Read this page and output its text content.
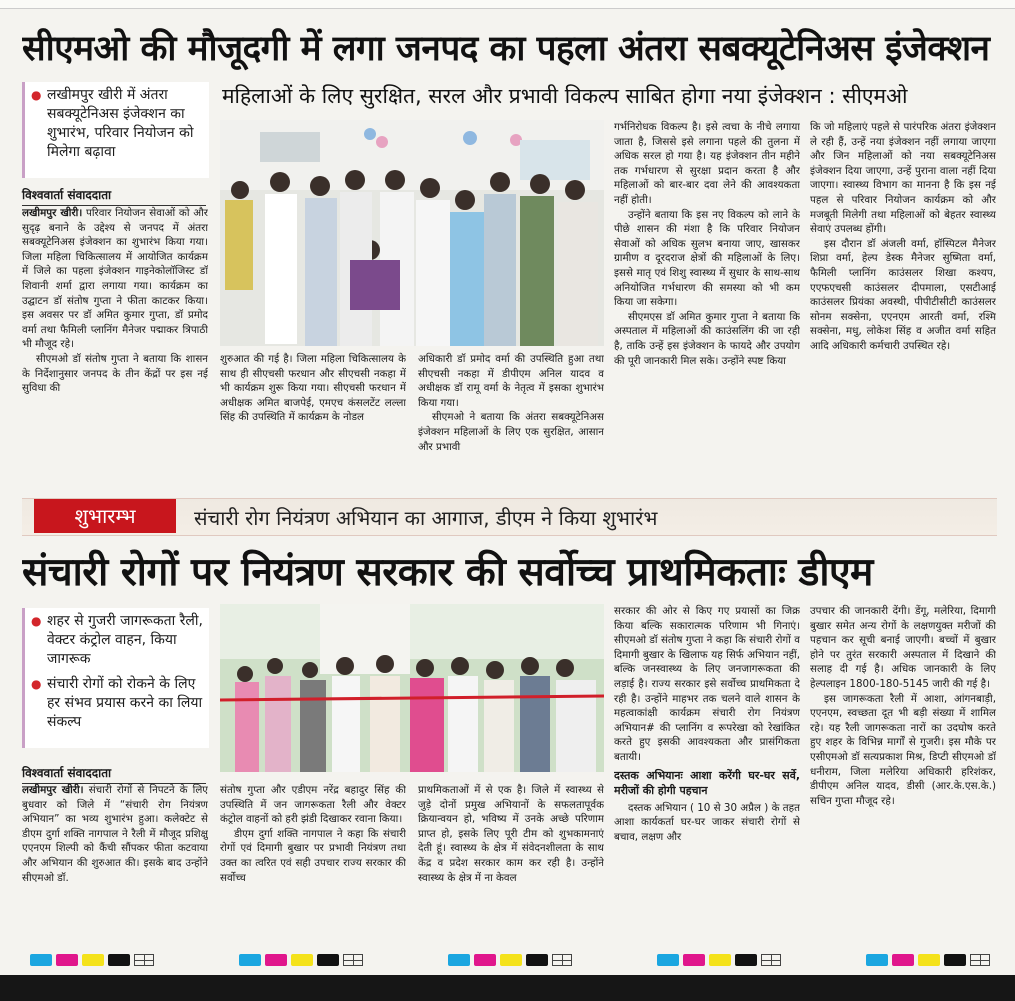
सीएमओ की मौजूदगी में लगा जनपद का पहला अंतरा सबक्यूटेनिअस इंजेक्शन
महिलाओं के लिए सुरक्षित, सरल और प्रभावी विकल्प साबित होगा नया इंजेक्शन : सीएमओ
● लखीमपुर खीरी में अंतरा सबक्यूटेनिअस इंजेक्शन का शुभारंभ, परिवार नियोजन को मिलेगा बढ़ावा
विश्ववार्ता संवाददाता
लखीमपुर खीरी। परिवार नियोजन सेवाओं को और सुदृढ़ बनाने के उद्देश्य से जनपद में अंतरा सबक्यूटेनिअस इंजेक्शन का शुभारंभ किया गया। जिला महिला चिकित्सालय में आयोजित कार्यक्रम में जिले का पहला इंजेक्शन गाइनेकोलॉजिस्ट डॉ शिवानी शर्मा द्वारा लगाया गया। कार्यक्रम का उद्घाटन डॉ संतोष गुप्ता ने फीता काटकर किया। इस अवसर पर डॉ अमित कुमार गुप्ता, डॉ प्रमोद वर्मा तथा फैमिली प्लानिंग मैनेजर पद्माकर त्रिपाठी भी मौजूद रहे।
सीएमओ डॉ संतोष गुप्ता ने बताया कि शासन के निर्देशानुसार जनपद के तीन केंद्रों पर इस नई सुविधा की
शुरुआत की गई है। जिला महिला चिकित्सालय के साथ ही सीएचसी फरधान और सीएचसी नकहा में भी कार्यक्रम शुरू किया गया। सीएचसी फरधान में अधीक्षक अमित बाजपेई, एमएच कंसलटेंट लल्ला सिंह की उपस्थिति में कार्यक्रम के नोडल
अधिकारी डॉ प्रमोद वर्मा की उपस्थिति हुआ तथा सीएचसी नकहा में डीपीएम अनिल यादव व अधीक्षक डॉ रामू वर्मा के नेतृत्व में इसका शुभारंभ किया गया।
सीएमओ ने बताया कि अंतरा सबक्यूटेनिअस इंजेक्शन महिलाओं के लिए एक सुरक्षित, आसान और प्रभावी
गर्भनिरोधक विकल्प है। इसे त्वचा के नीचे लगाया जाता है, जिससे इसे लगाना पहले की तुलना में अधिक सरल हो गया है। यह इंजेक्शन तीन महीने तक गर्भधारण से सुरक्षा प्रदान करता है और महिलाओं को बार-बार दवा लेने की आवश्यकता नहीं होती।
उन्होंने बताया कि इस नए विकल्प को लाने के पीछे शासन की मंशा है कि परिवार नियोजन सेवाओं को अधिक सुलभ बनाया जाए, खासकर ग्रामीण व दूरदराज क्षेत्रों की महिलाओं के लिए। इससे मातृ एवं शिशु स्वास्थ्य में सुधार के साथ-साथ अनियोजित गर्भधारण की समस्या को भी कम किया जा सकेगा।
सीएमएस डॉ अमित कुमार गुप्ता ने बताया कि अस्पताल में महिलाओं की काउंसलिंग की जा रही है, ताकि उन्हें इस इंजेक्शन के फायदे और उपयोग की पूरी जानकारी मिल सके। उन्होंने स्पष्ट किया
कि जो महिलाएं पहले से पारंपरिक अंतरा इंजेक्शन ले रही हैं, उन्हें नया इंजेक्शन नहीं लगाया जाएगा और जिन महिलाओं को नया सबक्यूटेनिअस इंजेक्शन दिया जाएगा, उन्हें पुराना वाला नहीं दिया जाएगा। स्वास्थ्य विभाग का मानना है कि इस नई पहल से परिवार नियोजन कार्यक्रम को और मजबूती मिलेगी तथा महिलाओं को बेहतर स्वास्थ्य सेवाएं उपलब्ध होंगी।
इस दौरान डॉ अंजली वर्मा, हॉस्पिटल मैनेजर शिप्रा वर्मा, हेल्प डेस्क मैनेजर सुष्मिता वर्मा, फैमिली प्लानिंग काउंसलर शिखा कश्यप, एएफएचसी काउंसलर दीपमाला, एसटीआई काउंसलर प्रियंका अवस्थी, पीपीटीसीटी काउंसलर सोनम सक्सेना, एएनएम आरती वर्मा, रश्मि सक्सेना, मधु, लोकेश सिंह व अजीत वर्मा सहित आदि अधिकारी कर्मचारी उपस्थित रहे।
शुभारम्भ	संचारी रोग नियंत्रण अभियान का आगाज, डीएम ने किया शुभारंभ
संचारी रोगों पर नियंत्रण सरकार की सर्वोच्च प्राथमिकताः डीएम
● शहर से गुजरी जागरूकता रैली, वेक्टर कंट्रोल वाहन, किया जागरूक
● संचारी रोगों को रोकने के लिए हर संभव प्रयास करने का लिया संकल्प
विश्ववार्ता संवाददाता
लखीमपुर खीरी। संचारी रोगों से निपटने के लिए बुधवार को जिले में “संचारी रोग नियंत्रण अभियान” का भव्य शुभारंभ हुआ। कलेक्टेट से डीएम दुर्गा शक्ति नागपाल ने रैली में मौजूद प्रशिक्षु एएनएम शिल्पी को कैंची सौंपकर फीता कटवाया और अभियान की शुरुआत की। इसके बाद उन्होंने सीएमओ डॉ.
संतोष गुप्ता और एडीएम नरेंद्र बहादुर सिंह की उपस्थिति में जन जागरूकता रैली और वेक्टर कंट्रोल वाहनों को हरी झंडी दिखाकर रवाना किया।
डीएम दुर्गा शक्ति नागपाल ने कहा कि संचारी रोगों एवं दिमागी बुखार पर प्रभावी नियंत्रण तथा उक्त का त्वरित एवं सही उपचार राज्य सरकार की सर्वोच्च
प्राथमिकताओं में से एक है। जिले में स्वास्थ्य से जुड़े दोनों प्रमुख अभियानों के सफलतापूर्वक क्रियान्वयन हो, भविष्य में उनके अच्छे परिणाम प्राप्त हो, इसके लिए पूरी टीम को शुभकामनाएं देती हूं। स्वास्थ्य के क्षेत्र में संवेदनशीलता के साथ केंद्र व प्रदेश सरकार काम कर रही है। उन्होंने स्वास्थ्य के क्षेत्र में ना केवल
सरकार की ओर से किए गए प्रयासों का जिक्र किया बल्कि सकारात्मक परिणाम भी गिनाएं। सीएमओ डॉ संतोष गुप्ता ने कहा कि संचारी रोगों व दिमागी बुखार के खिलाफ यह सिर्फ अभियान नहीं, बल्कि जनस्वास्थ्य के लिए जनजागरूकता की लड़ाई है। राज्य सरकार इसे सर्वोच्च प्राथमिकता दे रही है। उन्होंने माहभर तक चलने वाले शासन के महत्वाकांक्षी कार्यक्रम संचारी रोग नियंत्रण अभियान# की प्लानिंग व रूपरेखा को रेखांकित करते हुए इसकी आवश्यकता और प्रासंगिकता बतायी।
दस्तक अभियानः आशा करेंगी घर-घर सर्वे, मरीजों की होगी पहचान
दस्तक अभियान ( 10 से 30 अप्रैल ) के तहत आशा कार्यकर्ता घर-घर जाकर संचारी रोगों से बचाव, लक्षण और
उपचार की जानकारी देंगी। डेंगू, मलेरिया, दिमागी बुखार समेत अन्य रोगों के लक्षणयुक्त मरीजों की पहचान कर सूची बनाई जाएगी। बच्चों में बुखार होने पर तुरंत सरकारी अस्पताल में दिखाने की सलाह दी गई है। अधिक जानकारी के लिए हेल्पलाइन 1800-180-5145 जारी की गई है।
इस जागरूकता रैली में आशा, आंगनबाड़ी, एएनएम, स्वच्छता दूत भी बड़ी संख्या में शामिल रहे। यह रैली जागरूकता नारों का उदघोष करते हुए शहर के विभिन्न मार्गों से गुजरी। इस मौके पर एसीएमओ डॉ सत्यप्रकाश मिश्र, डिप्टी सीएमओ डॉ धनीराम, जिला मलेरिया अधिकारी हरिशंकर, डीपीएम अनिल यादव, डीसी (आर.के.एस.के.) सचिन गुप्ता मौजूद रहे।
